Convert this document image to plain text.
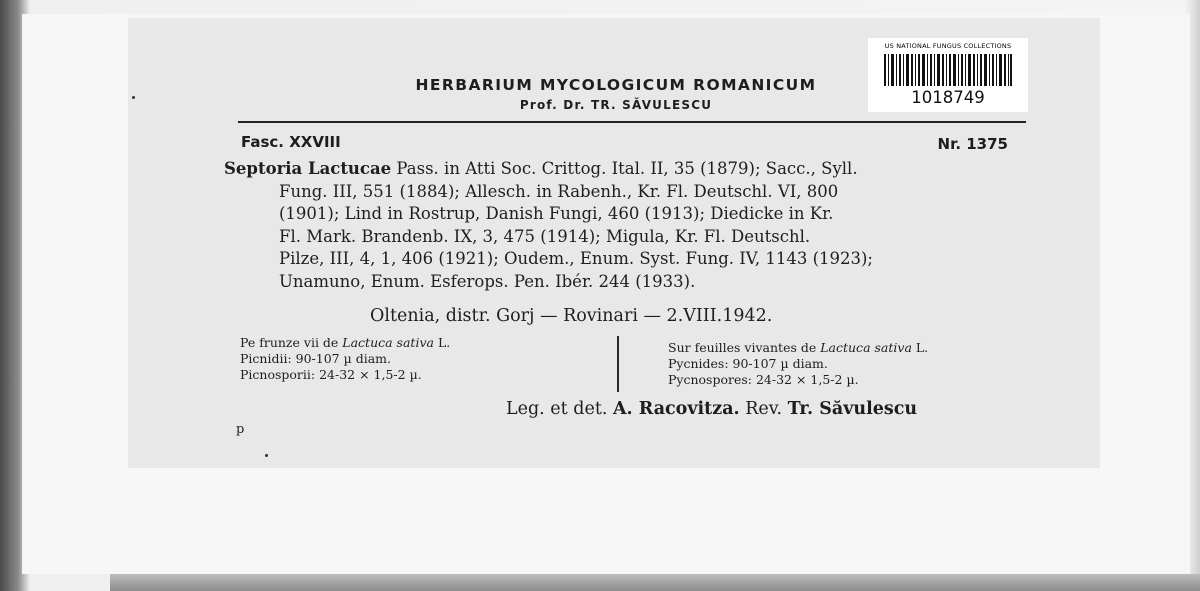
HERBARIUM MYCOLOGICUM ROMANICUM
Prof. Dr. TR. SĂVULESCU
Fasc. XXVIII	Nr. 1375
Septoria Lactucae Pass. in Atti Soc. Crittog. Ital. II, 35 (1879); Sacc., Syll.
Fung. III, 551 (1884); Allesch. in Rabenh., Kr. Fl. Deutschl. VI, 800
(1901); Lind in Rostrup, Danish Fungi, 460 (1913); Diedicke in Kr.
Fl. Mark. Brandenb. IX, 3, 475 (1914); Migula, Kr. Fl. Deutschl.
Pilze, III, 4, 1, 406 (1921); Oudem., Enum. Syst. Fung. IV, 1143 (1923);
Unamuno, Enum. Esferops. Pen. Ibér. 244 (1933).
Oltenia, distr. Gorj — Rovinari — 2.VIII.1942.
Pe frunze vii de Lactuca sativa L.
Picnidii: 90-107 µ diam.
Picnosporii: 24-32 × 1,5-2 µ.
Sur feuilles vivantes de Lactuca sativa L.
Pycnides: 90-107 µ diam.
Pycnospores: 24-32 × 1,5-2 µ.
Leg. et det. A. Racovitza. Rev. Tr. Săvulescu
p
US NATIONAL FUNGUS COLLECTIONS
1018749
